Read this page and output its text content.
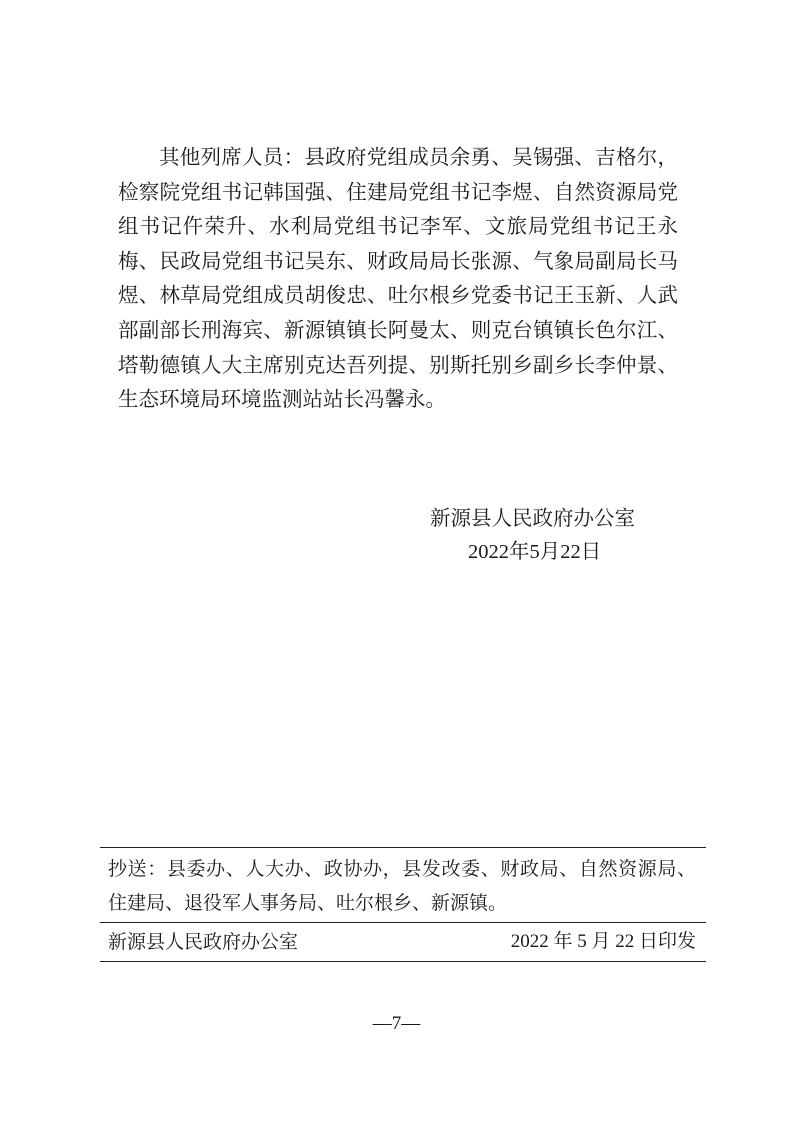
其他列席人员：县政府党组成员余勇、吴锡强、吉格尔，检察院党组书记韩国强、住建局党组书记李煜、自然资源局党组书记仵荣升、水利局党组书记李军、文旅局党组书记王永梅、民政局党组书记吴东、财政局局长张源、气象局副局长马煜、林草局党组成员胡俊忠、吐尔根乡党委书记王玉新、人武部副部长刑海宾、新源镇镇长阿曼太、则克台镇镇长色尔江、塔勒德镇人大主席别克达吾列提、别斯托别乡副乡长李仲景、生态环境局环境监测站站长冯馨永。

新源县人民政府办公室
2022年5月22日

抄送：县委办、人大办、政协办，县发改委、财政局、自然资源局、住建局、退役军人事务局、吐尔根乡、新源镇。

新源县人民政府办公室	2022 年 5 月 22 日印发
—7—
